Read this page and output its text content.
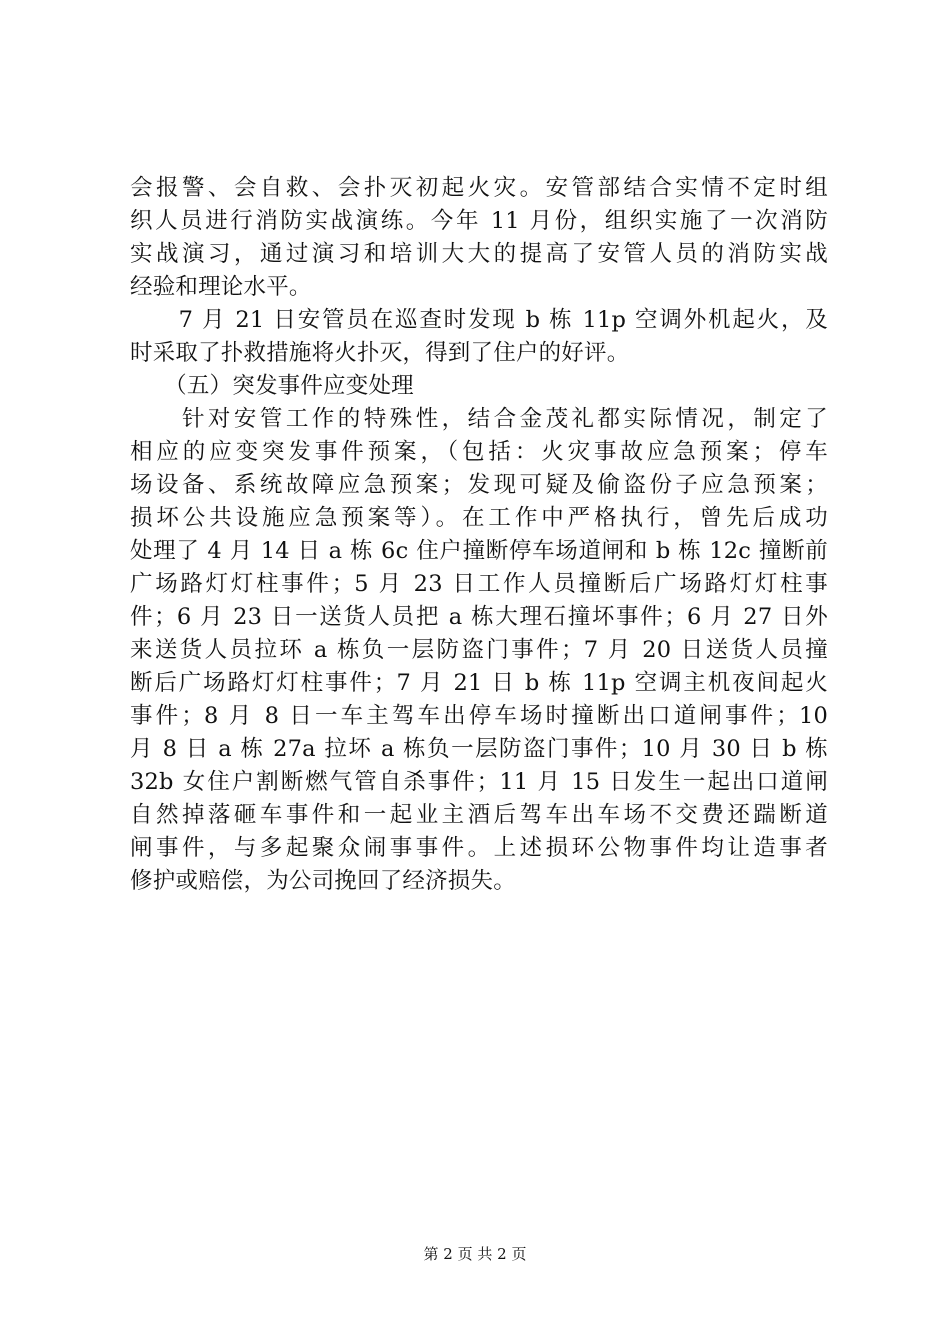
会报警、会自救、会扑灭初起火灾。安管部结合实情不定时组
织人员进行消防实战演练。今年 11 月份，组织实施了一次消防
实战演习，通过演习和培训大大的提高了安管人员的消防实战
经验和理论水平。
　　7 月 21 日安管员在巡查时发现 b 栋 11p 空调外机起火，及
时采取了扑救措施将火扑灭，得到了住户的好评。
　　（五）突发事件应变处理
　　针对安管工作的特殊性，结合金茂礼都实际情况，制定了
相应的应变突发事件预案，（包括：火灾事故应急预案；停车
场设备、系统故障应急预案；发现可疑及偷盗份子应急预案；
损坏公共设施应急预案等）。在工作中严格执行，曾先后成功
处理了 4 月 14 日 a 栋 6c 住户撞断停车场道闸和 b 栋 12c 撞断前
广场路灯灯柱事件；5 月 23 日工作人员撞断后广场路灯灯柱事
件；6 月 23 日一送货人员把 a 栋大理石撞坏事件；6 月 27 日外
来送货人员拉环 a 栋负一层防盗门事件；7 月 20 日送货人员撞
断后广场路灯灯柱事件；7 月 21 日 b 栋 11p 空调主机夜间起火
事件；8 月 8 日一车主驾车出停车场时撞断出口道闸事件；10
月 8 日 a 栋 27a 拉坏 a 栋负一层防盗门事件；10 月 30 日 b 栋
32b 女住户割断燃气管自杀事件；11 月 15 日发生一起出口道闸
自然掉落砸车事件和一起业主酒后驾车出车场不交费还踹断道
闸事件，与多起聚众闹事事件。上述损环公物事件均让造事者
修护或赔偿，为公司挽回了经济损失。
第 2 页 共 2 页
